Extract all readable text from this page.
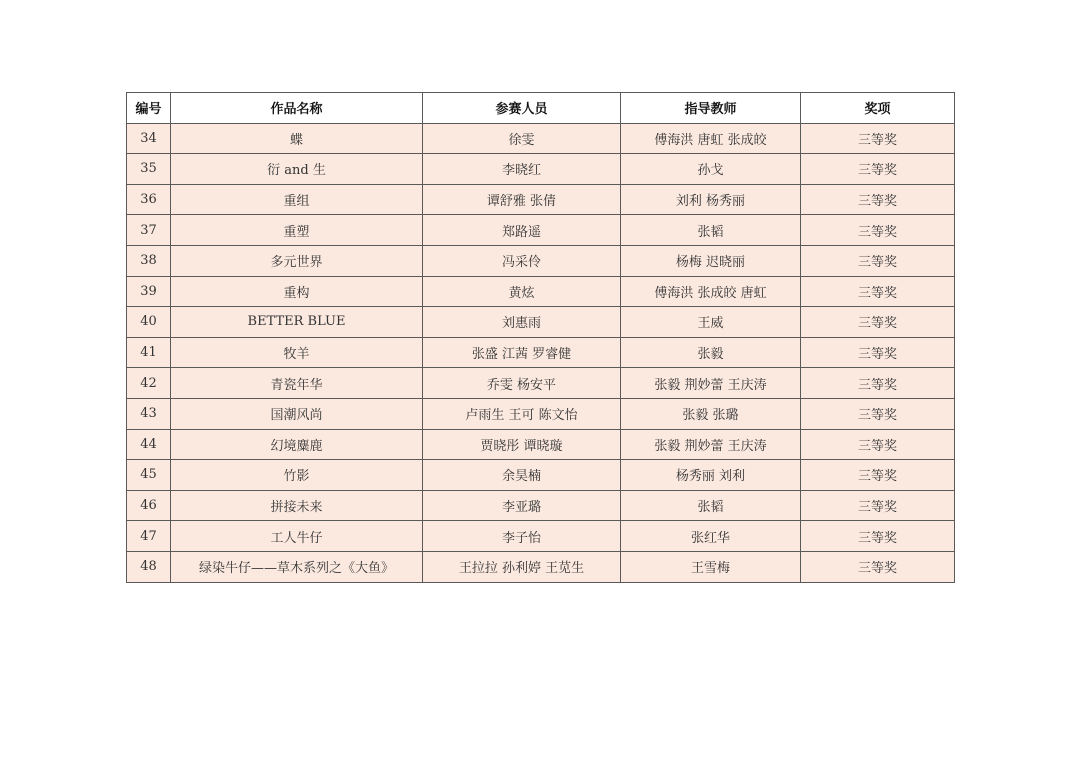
编号	作品名称	参赛人员	指导教师	奖项
34	蝶	徐雯	傅海洪 唐虹 张成皎	三等奖
35	衍 and 生	李晓红	孙戈	三等奖
36	重组	谭舒雅 张倩	刘利 杨秀丽	三等奖
37	重塑	郑路遥	张韬	三等奖
38	多元世界	冯采伶	杨梅 迟晓丽	三等奖
39	重构	黄炫	傅海洪 张成皎 唐虹	三等奖
40	BETTER BLUE	刘惠雨	王威	三等奖
41	牧羊	张盛 江茜 罗睿健	张毅	三等奖
42	青瓷年华	乔雯 杨安平	张毅 荆妙蕾 王庆涛	三等奖
43	国潮风尚	卢雨生 王可 陈文怡	张毅 张璐	三等奖
44	幻境麋鹿	贾晓彤 谭晓璇	张毅 荆妙蕾 王庆涛	三等奖
45	竹影	余昊楠	杨秀丽 刘利	三等奖
46	拼接未来	李亚璐	张韬	三等奖
47	工人牛仔	李子怡	张红华	三等奖
48	绿染牛仔——草木系列之《大鱼》	王拉拉 孙利婷 王苋生	王雪梅	三等奖
